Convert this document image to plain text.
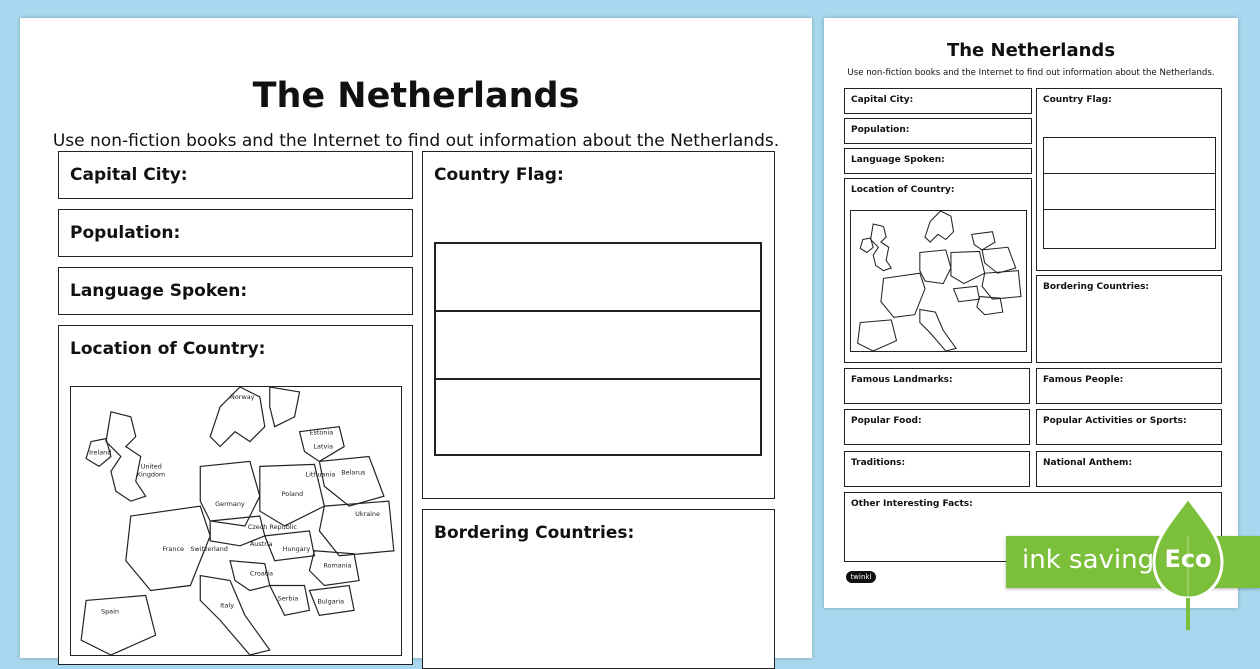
The Netherlands
Use non-fiction books and the Internet to find out information about the Netherlands.
Capital City:
Population:
Language Spoken:
Location of Country:
Norway
Ireland
United
Kingdom
Estonia
Latvia
Lithuania Belarus
Germany
Poland
Ukraine
France
Czech Republic
Switzerland
Austria
Hungary
Romania
Croatia
Serbia	Bulgaria
Italy
Spain
Country Flag:
Bordering Countries:
The Netherlands
Use non-fiction books and the Internet to find out information about the Netherlands.
Capital City:
Population:
Language Spoken:
Location of Country:
Country Flag:
Bordering Countries:
Famous Landmarks:	Famous People:
Popular Food:	Popular Activities or Sports:
Traditions:	National Anthem:
Other Interesting Facts:
ink saving Eco
twinkl
